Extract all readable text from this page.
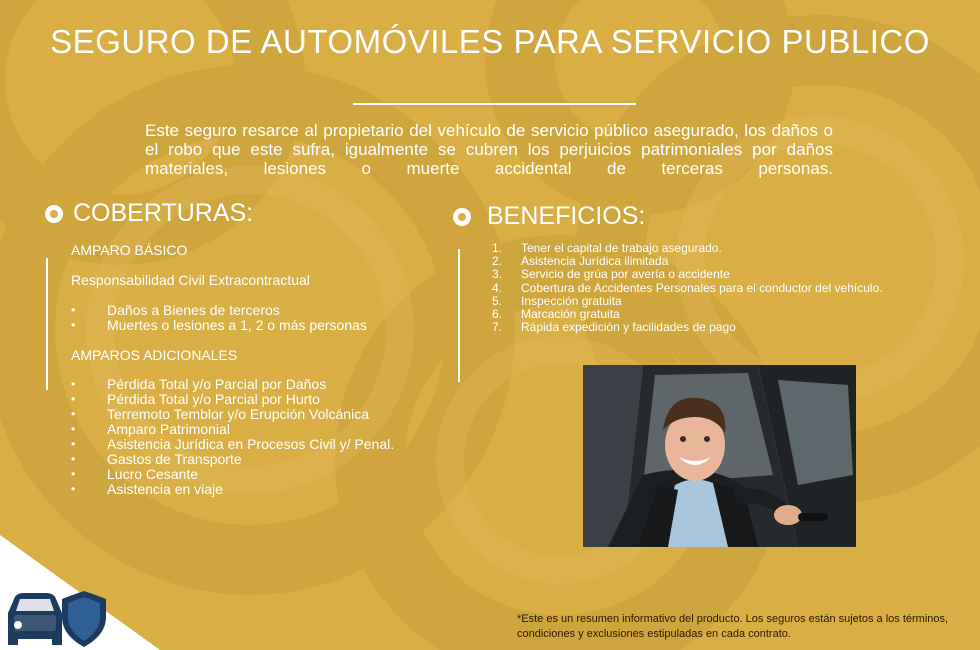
SEGURO DE AUTOMÓVILES PARA SERVICIO PUBLICO
Este seguro resarce al propietario del vehículo de servicio público asegurado, los daños o el robo que este sufra, igualmente se cubren los perjuicios patrimoniales por daños materiales, lesiones o muerte accidental de terceras personas.
COBERTURAS:	BENEFICIOS:
AMPARO BÁSICO
Responsabilidad Civil Extracontractual
• Daños a Bienes de terceros
• Muertes o lesiones a 1, 2 o más personas
AMPAROS ADICIONALES
• Pérdida Total y/o Parcial por Daños
• Pérdida Total y/o Parcial por Hurto
• Terremoto Temblor y/o Erupción Volcánica
• Amparo Patrimonial
• Asistencia Jurídica en Procesos Civil y/ Penal.
• Gastos de Transporte
• Lucro Cesante
• Asistencia en viaje
1. Tener el capital de trabajo asegurado.
2. Asistencia Jurídica ilimitada
3. Servicio de grúa por avería o accidente
4. Cobertura de Accidentes Personales para el conductor del vehículo.
5. Inspección gratuita
6. Marcación gratuita
7. Rápida expedición y facilidades de pago
*Este es un resumen informativo del producto. Los seguros están sujetos a los términos, condiciones y exclusiones estipuladas en cada contrato.
